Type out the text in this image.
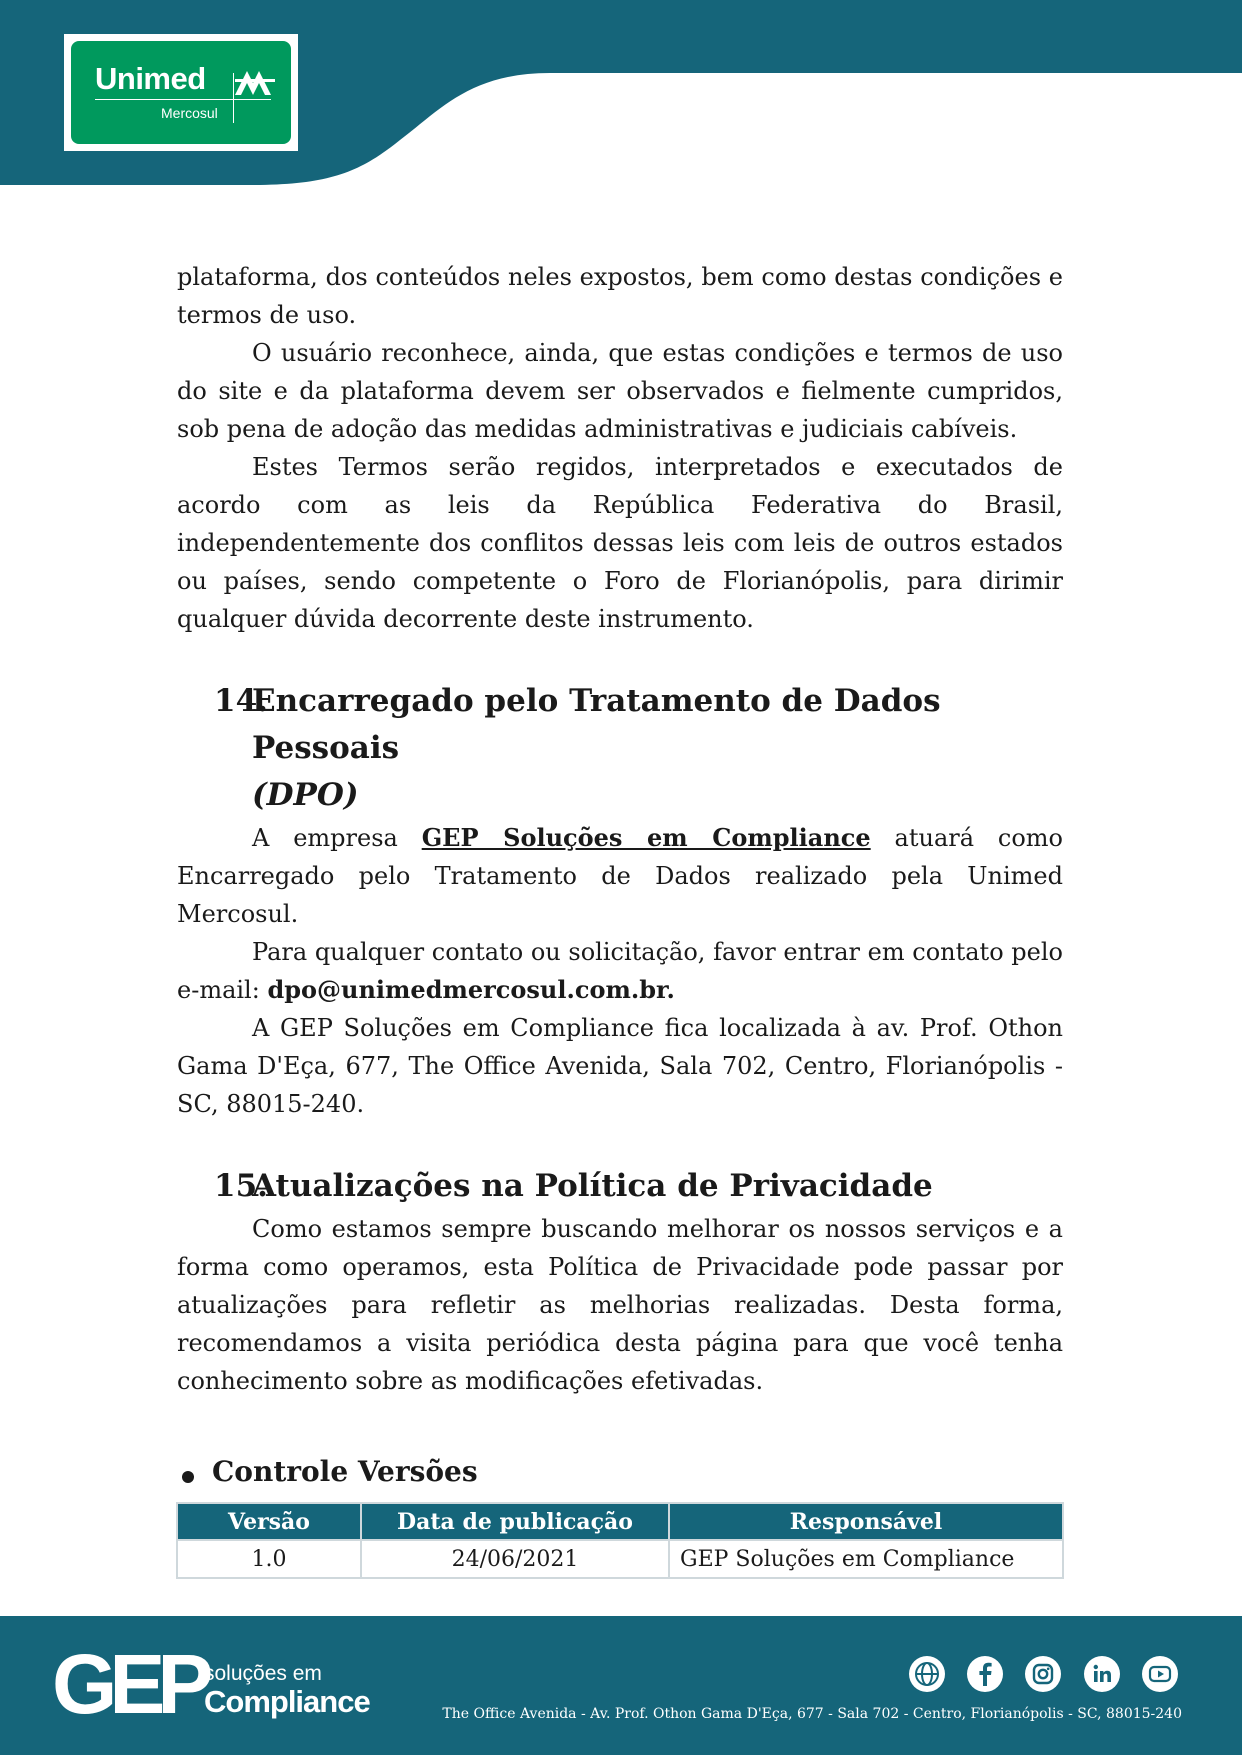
Unimed
Mercosul

plataforma, dos conteúdos neles expostos, bem como destas condições e termos de uso.

O usuário reconhece, ainda, que estas condições e termos de uso do site e da plataforma devem ser observados e fielmente cumpridos, sob pena de adoção das medidas administrativas e judiciais cabíveis.

Estes Termos serão regidos, interpretados e executados de acordo com as leis da República Federativa do Brasil, independentemente dos conflitos dessas leis com leis de outros estados ou países, sendo competente o Foro de Florianópolis, para dirimir qualquer dúvida decorrente deste instrumento.

14.
Encarregado pelo Tratamento de Dados Pessoais
(DPO)

A empresa GEP Soluções em Compliance atuará como Encarregado pelo Tratamento de Dados realizado pela Unimed Mercosul.

Para qualquer contato ou solicitação, favor entrar em contato pelo e-mail: dpo@unimedmercosul.com.br.

A GEP Soluções em Compliance fica localizada à av. Prof. Othon Gama D'Eça, 677, The Office Avenida, Sala 702, Centro, Florianópolis - SC, 88015-240.

15.
Atualizações na Política de Privacidade

Como estamos sempre buscando melhorar os nossos serviços e a forma como operamos, esta Política de Privacidade pode passar por atualizações para refletir as melhorias realizadas. Desta forma, recomendamos a visita periódica desta página para que você tenha conhecimento sobre as modificações efetivadas.

Controle Versões
Versão	Data de publicação	Responsável
1.0	24/06/2021	GEP Soluções em Compliance
GEP
soluções em
Compliance	The Office Avenida - Av. Prof. Othon Gama D'Eça, 677 - Sala 702 - Centro, Florianópolis - SC, 88015-240
